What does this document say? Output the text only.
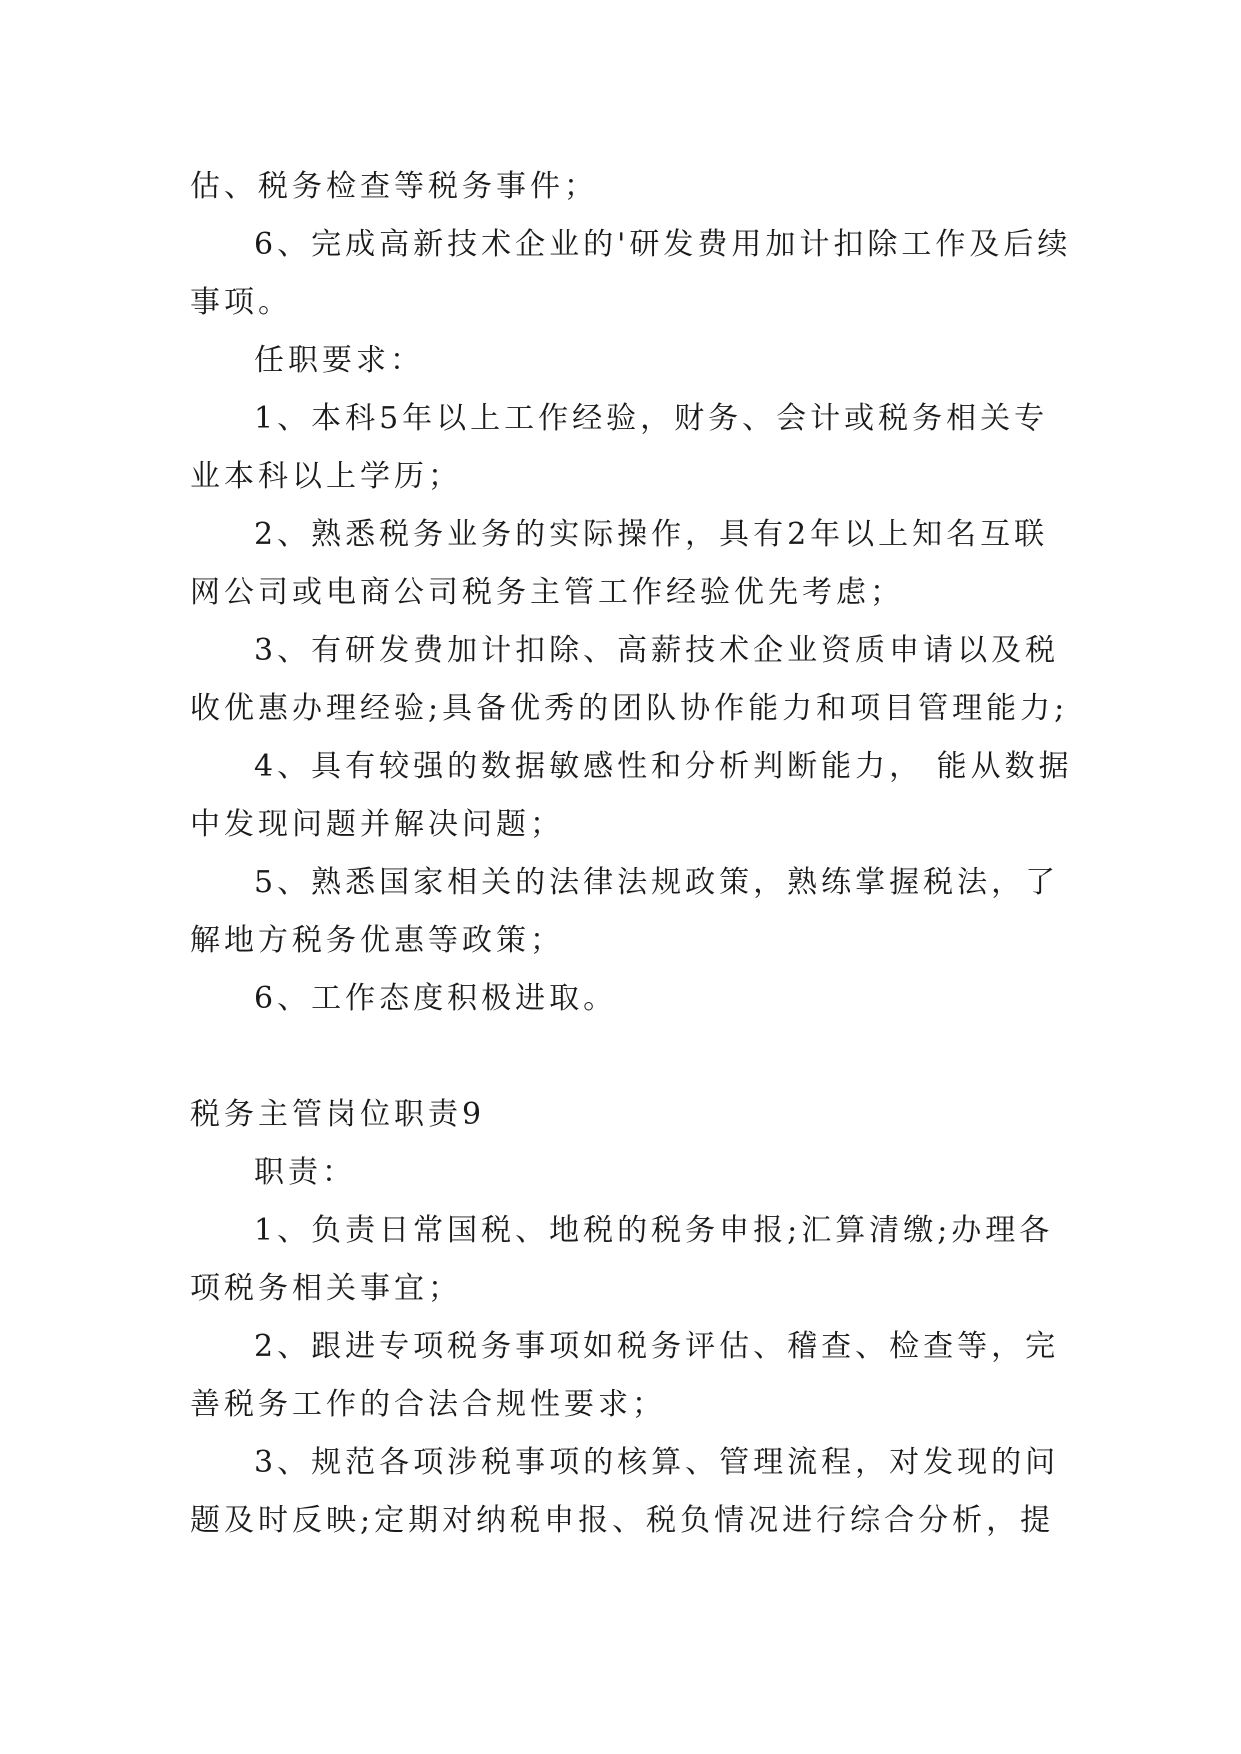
估、税务检查等税务事件；

6、完成高新技术企业的'研发费用加计扣除工作及后续

事项。

任职要求：

1、本科5年以上工作经验，财务、会计或税务相关专

业本科以上学历；

2、熟悉税务业务的实际操作，具有2年以上知名互联

网公司或电商公司税务主管工作经验优先考虑；

3、有研发费加计扣除、高薪技术企业资质申请以及税

收优惠办理经验;具备优秀的团队协作能力和项目管理能力;

4、具有较强的数据敏感性和分析判断能力， 能从数据

中发现问题并解决问题；

5、熟悉国家相关的法律法规政策，熟练掌握税法，了

解地方税务优惠等政策；

6、工作态度积极进取。

税务主管岗位职责9

职责：

1、负责日常国税、地税的税务申报;汇算清缴;办理各

项税务相关事宜；

2、跟进专项税务事项如税务评估、稽查、检查等，完

善税务工作的合法合规性要求；

3、规范各项涉税事项的核算、管理流程，对发现的问

题及时反映;定期对纳税申报、税负情况进行综合分析，提
